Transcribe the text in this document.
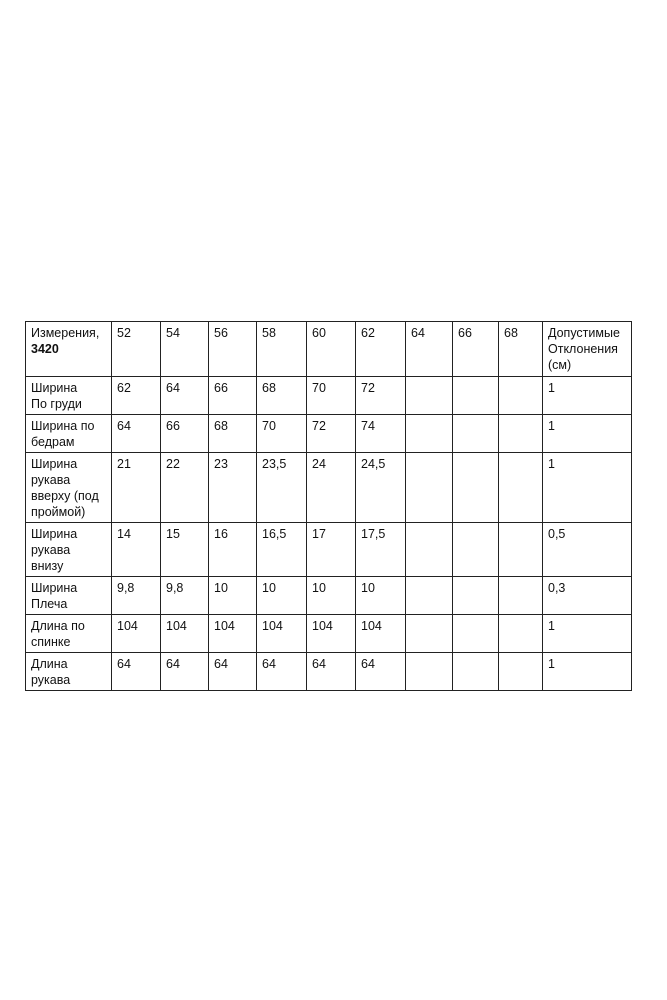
Измерения,
3420	52	54	56	58	60	62	64	66	68	Допустимые
Отклонения
(см)

Ширина
По груди	62	64	66	68	70	72				1

Ширина по
бедрам	64	66	68	70	72	74				1

Ширина
рукава
вверху (под
проймой)	21	22	23	23,5	24	24,5				1

Ширина
рукава
внизу	14	15	16	16,5	17	17,5				0,5

Ширина
Плеча	9,8	9,8	10	10	10	10				0,3

Длина по
спинке	104	104	104	104	104	104				1

Длина
рукава	64	64	64	64	64	64				1
